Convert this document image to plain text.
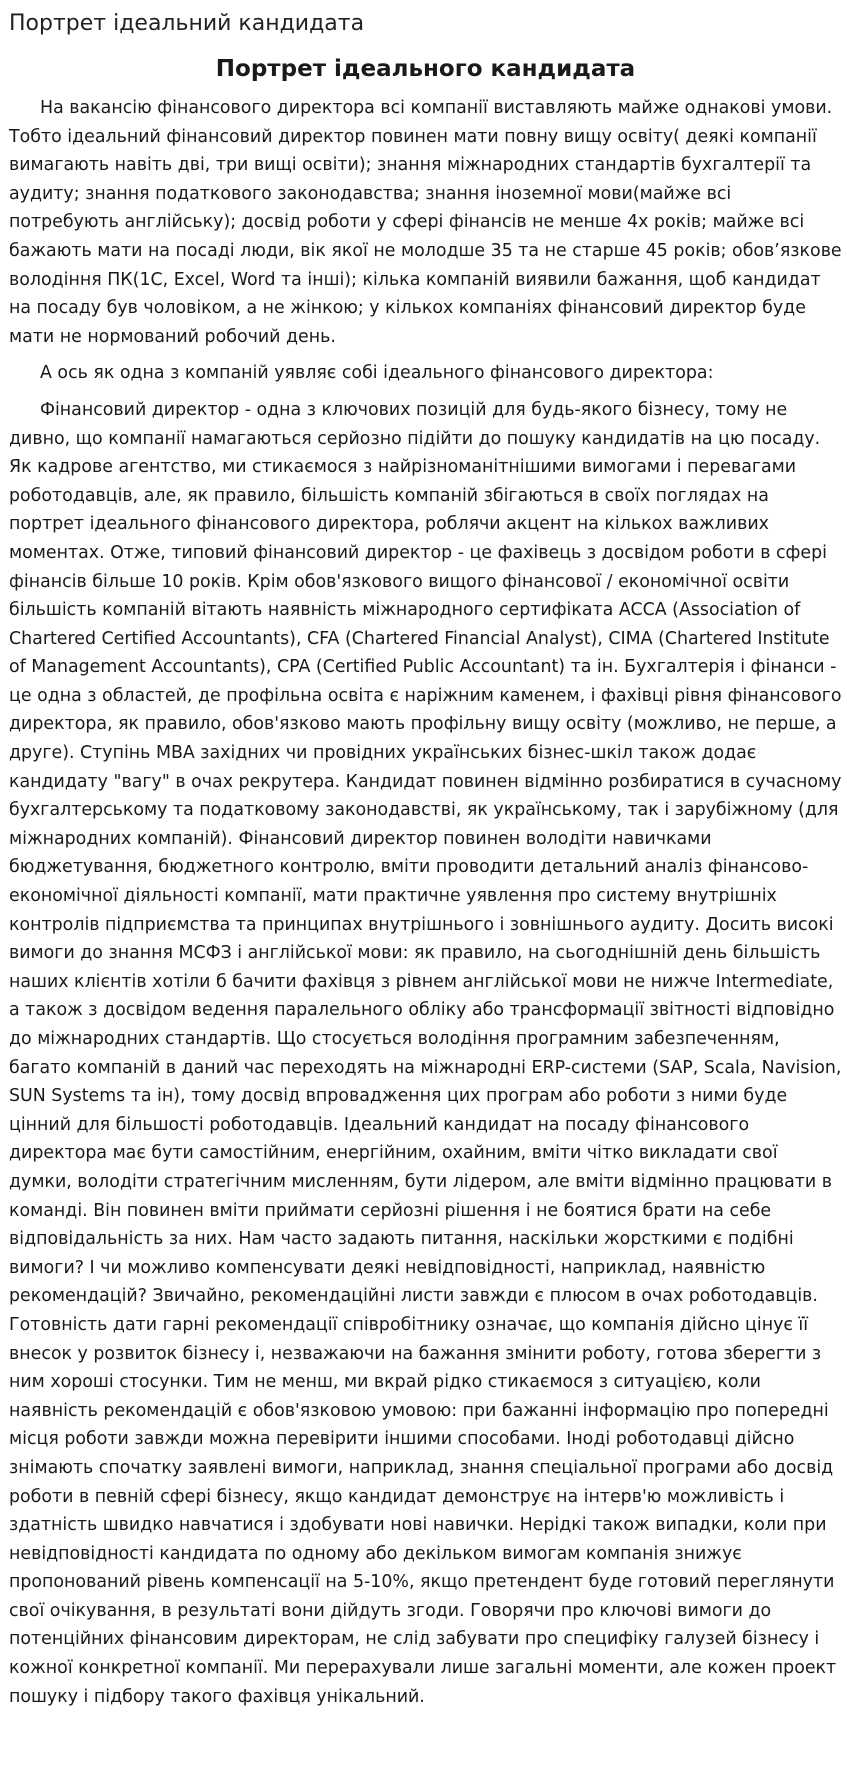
Портрет ідеальний кандидата
Портрет ідеального кандидата

На вакансію фінансового директора всі компанії виставляють майже однакові умови. Тобто ідеальний фінансовий директор повинен мати повну вищу освіту( деякі компанії вимагають навіть дві, три вищі освіти); знання міжнародних стандартів бухгалтерії та аудиту; знання податкового законодавства; знання іноземної мови(майже всі потребують англійську); досвід роботи у сфері фінансів не менше 4х років; майже всі бажають мати на посаді люди, вік якої не молодше 35 та не старше 45 років; обов’язкове володіння ПК(1С, Excel, Word та інші); кілька компаній виявили бажання, щоб кандидат на посаду був чоловіком, а не жінкою; у кількох компаніях фінансовий директор буде мати не нормований робочий день.

А ось як одна з компаній уявляє собі ідеального фінансового директора:

Фінансовий директор - одна з ключових позицій для будь-якого бізнесу, тому не дивно, що компанії намагаються серйозно підійти до пошуку кандидатів на цю посаду. Як кадрове агентство, ми стикаємося з найрізноманітнішими вимогами і перевагами роботодавців, але, як правило, більшість компаній збігаються в своїх поглядах на портрет ідеального фінансового директора, роблячи акцент на кількох важливих моментах. Отже, типовий фінансовий директор - це фахівець з досвідом роботи в сфері фінансів більше 10 років. Крім обов'язкового вищого фінансової / економічної освіти більшість компаній вітають наявність міжнародного сертифіката ACCA (Association of Chartered Certified Accountants), CFA (Chartered Financial Analyst), CIMA (Chartered Institute of Management Accountants), CPA (Certified Public Accountant) та ін. Бухгалтерія і фінанси - це одна з областей, де профільна освіта є наріжним каменем, і фахівці рівня фінансового директора, як правило, обов'язково мають профільну вищу освіту (можливо, не перше, а друге). Ступінь MBA західних чи провідних українських бізнес-шкіл також додає кандидату "вагу" в очах рекрутера. Кандидат повинен відмінно розбиратися в сучасному бухгалтерському та податковому законодавстві, як українському, так і зарубіжному (для міжнародних компаній). Фінансовий директор повинен володіти навичками бюджетування, бюджетного контролю, вміти проводити детальний аналіз фінансово-економічної діяльності компанії, мати практичне уявлення про систему внутрішніх контролів підприємства та принципах внутрішнього і зовнішнього аудиту. Досить високі вимоги до знання МСФЗ і англійської мови: як правило, на сьогоднішній день більшість наших клієнтів хотіли б бачити фахівця з рівнем англійської мови не нижче Intermediate, а також з досвідом ведення паралельного обліку або трансформації звітності відповідно до міжнародних стандартів. Що стосується володіння програмним забезпеченням, багато компаній в даний час переходять на міжнародні ERP-системи (SAP, Scala, Navision, SUN Systems та ін), тому досвід впровадження цих програм або роботи з ними буде цінний для більшості роботодавців. Ідеальний кандидат на посаду фінансового директора має бути самостійним, енергійним, охайним, вміти чітко викладати свої думки, володіти стратегічним мисленням, бути лідером, але вміти відмінно працювати в команді. Він повинен вміти приймати серйозні рішення і не боятися брати на себе відповідальність за них. Нам часто задають питання, наскільки жорсткими є подібні вимоги? І чи можливо компенсувати деякі невідповідності, наприклад, наявністю рекомендацій? Звичайно, рекомендаційні листи завжди є плюсом в очах роботодавців. Готовність дати гарні рекомендації співробітнику означає, що компанія дійсно цінує її внесок у розвиток бізнесу і, незважаючи на бажання змінити роботу, готова зберегти з ним хороші стосунки. Тим не менш, ми вкрай рідко стикаємося з ситуацією, коли наявність рекомендацій є обов'язковою умовою: при бажанні інформацію про попередні місця роботи завжди можна перевірити іншими способами. Іноді роботодавці дійсно знімають спочатку заявлені вимоги, наприклад, знання спеціальної програми або досвід роботи в певній сфері бізнесу, якщо кандидат демонструє на інтерв'ю можливість і здатність швидко навчатися і здобувати нові навички. Нерідкі також випадки, коли при невідповідності кандидата по одному або декільком вимогам компанія знижує пропонований рівень компенсації на 5-10%, якщо претендент буде готовий переглянути свої очікування, в результаті вони дійдуть згоди. Говорячи про ключові вимоги до потенційних фінансовим директорам, не слід забувати про специфіку галузей бізнесу і кожної конкретної компанії. Ми перерахували лише загальні моменти, але кожен проект пошуку і підбору такого фахівця унікальний.
